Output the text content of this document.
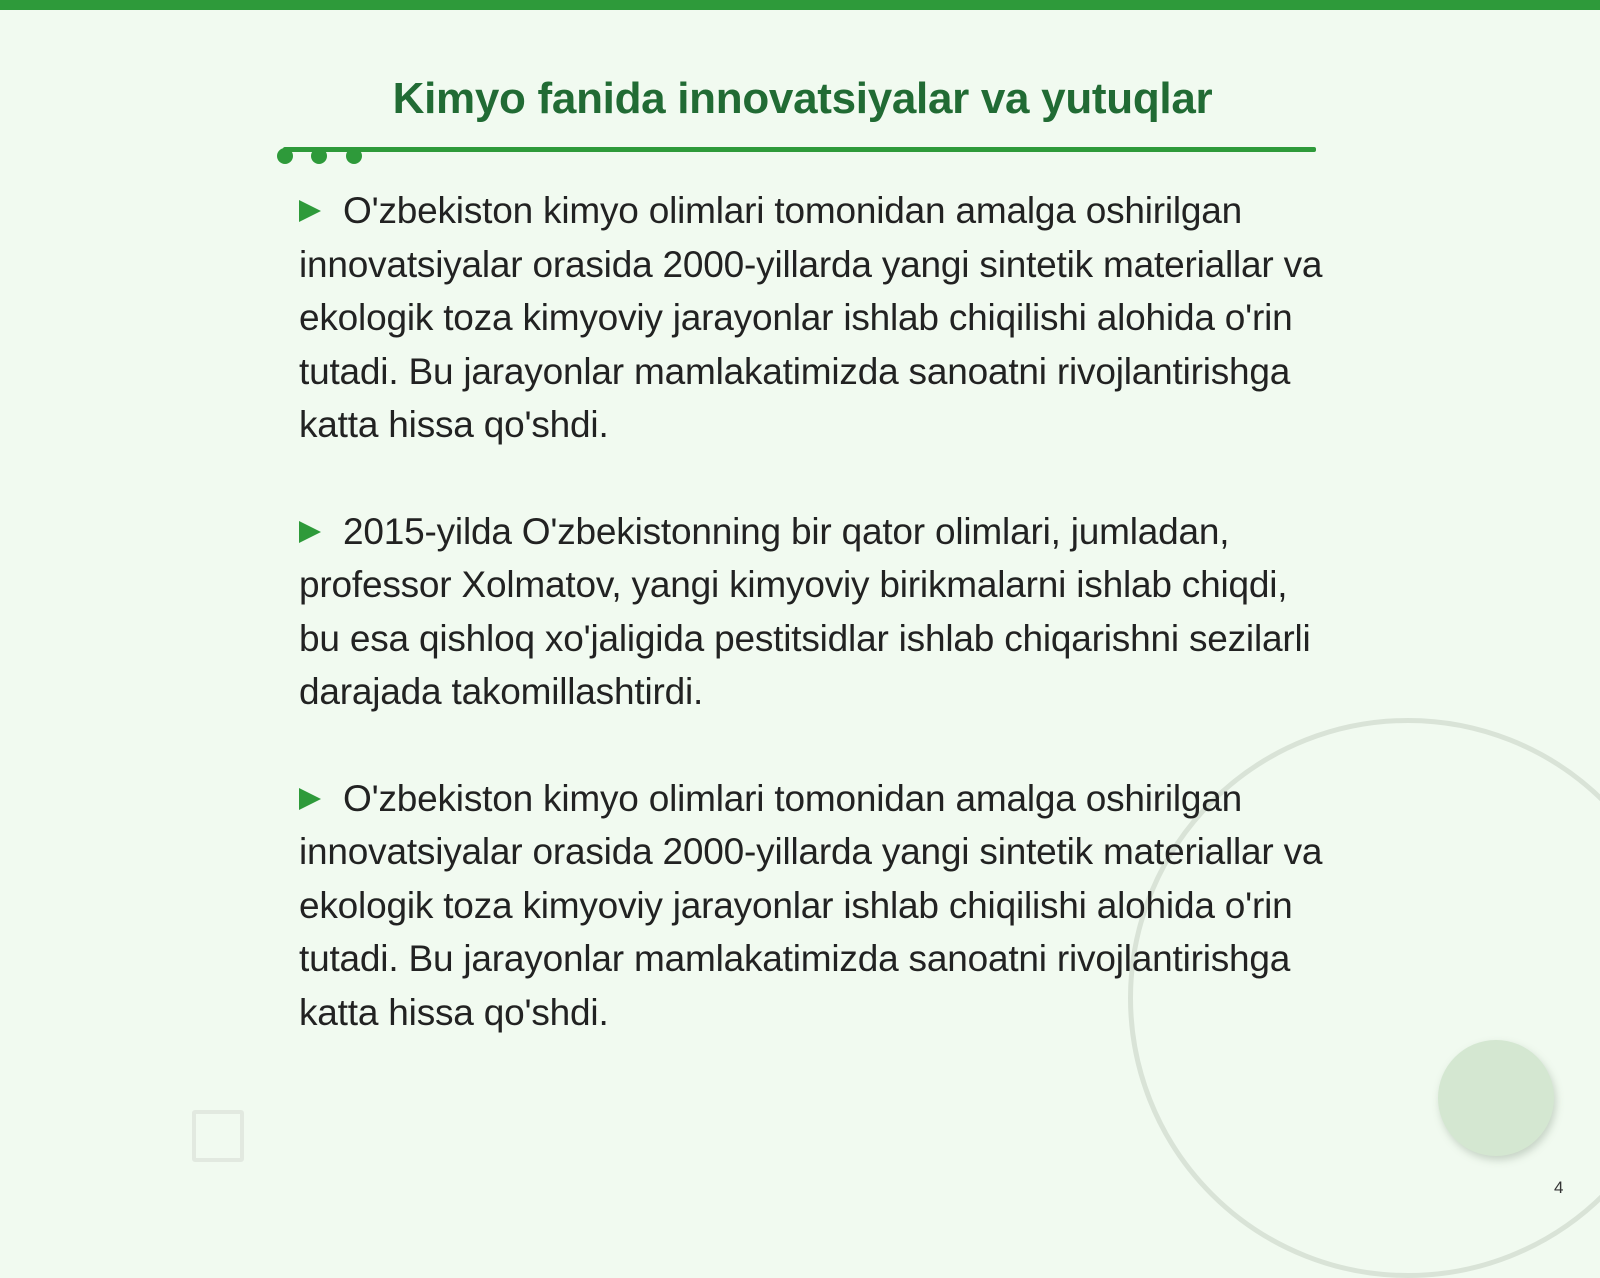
Kimyo fanida innovatsiyalar va yutuqlar

O'zbekiston kimyo olimlari tomonidan amalga oshirilgan innovatsiyalar orasida 2000-yillarda yangi sintetik materiallar va ekologik toza kimyoviy jarayonlar ishlab chiqilishi alohida o'rin tutadi. Bu jarayonlar mamlakatimizda sanoatni rivojlantirishga katta hissa qo'shdi.

2015-yilda O'zbekistonning bir qator olimlari, jumladan, professor Xolmatov, yangi kimyoviy birikmalarni ishlab chiqdi, bu esa qishloq xo'jaligida pestitsidlar ishlab chiqarishni sezilarli darajada takomillashtirdi.

O'zbekiston kimyo olimlari tomonidan amalga oshirilgan innovatsiyalar orasida 2000-yillarda yangi sintetik materiallar va ekologik toza kimyoviy jarayonlar ishlab chiqilishi alohida o'rin tutadi. Bu jarayonlar mamlakatimizda sanoatni rivojlantirishga katta hissa qo'shdi.

4
